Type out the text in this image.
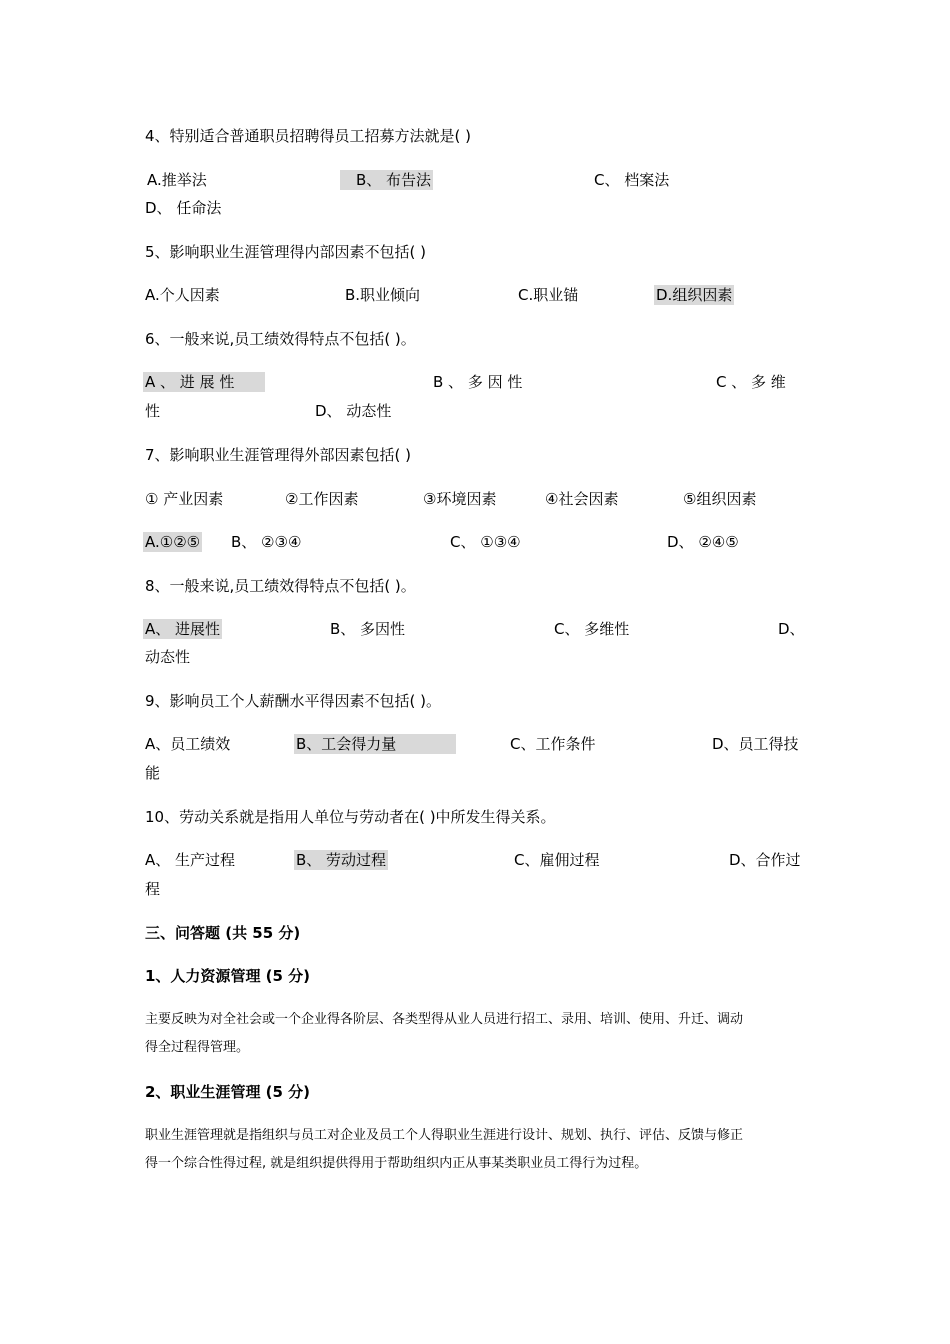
4、特别适合普通职员招聘得员工招募方法就是( )
A.推举法	B、 布告法	C、 档案法
D、 任命法
5、影响职业生涯管理得内部因素不包括( )
A.个人因素	B.职业倾向	C.职业锚	D.组织因素
6、一般来说,员工绩效得特点不包括( )。
A 、 进 展 性	B 、 多 因 性	C 、 多 维
性	D、 动态性
7、影响职业生涯管理得外部因素包括( )
① 产业因素	②工作因素	③环境因素	④社会因素	⑤组织因素
A.①②⑤ B、 ②③④	C、 ①③④	D、 ②④⑤
8、一般来说,员工绩效得特点不包括( )。
A、 进展性	B、 多因性	C、 多维性	D、
动态性
9、影响员工个人薪酬水平得因素不包括( )。
A、员工绩效	B、工会得力量	C、工作条件	D、员工得技
能
10、劳动关系就是指用人单位与劳动者在( )中所发生得关系。
A、 生产过程	B、 劳动过程	C、雇佣过程	D、合作过
程
三、问答题 (共 55 分)
1、人力资源管理 (5 分)
主要反映为对全社会或一个企业得各阶层、各类型得从业人员进行招工、录用、培训、使用、升迁、调动
得全过程得管理。
2、职业生涯管理 (5 分)
职业生涯管理就是指组织与员工对企业及员工个人得职业生涯进行设计、规划、执行、评估、反馈与修正
得一个综合性得过程, 就是组织提供得用于帮助组织内正从事某类职业员工得行为过程。
